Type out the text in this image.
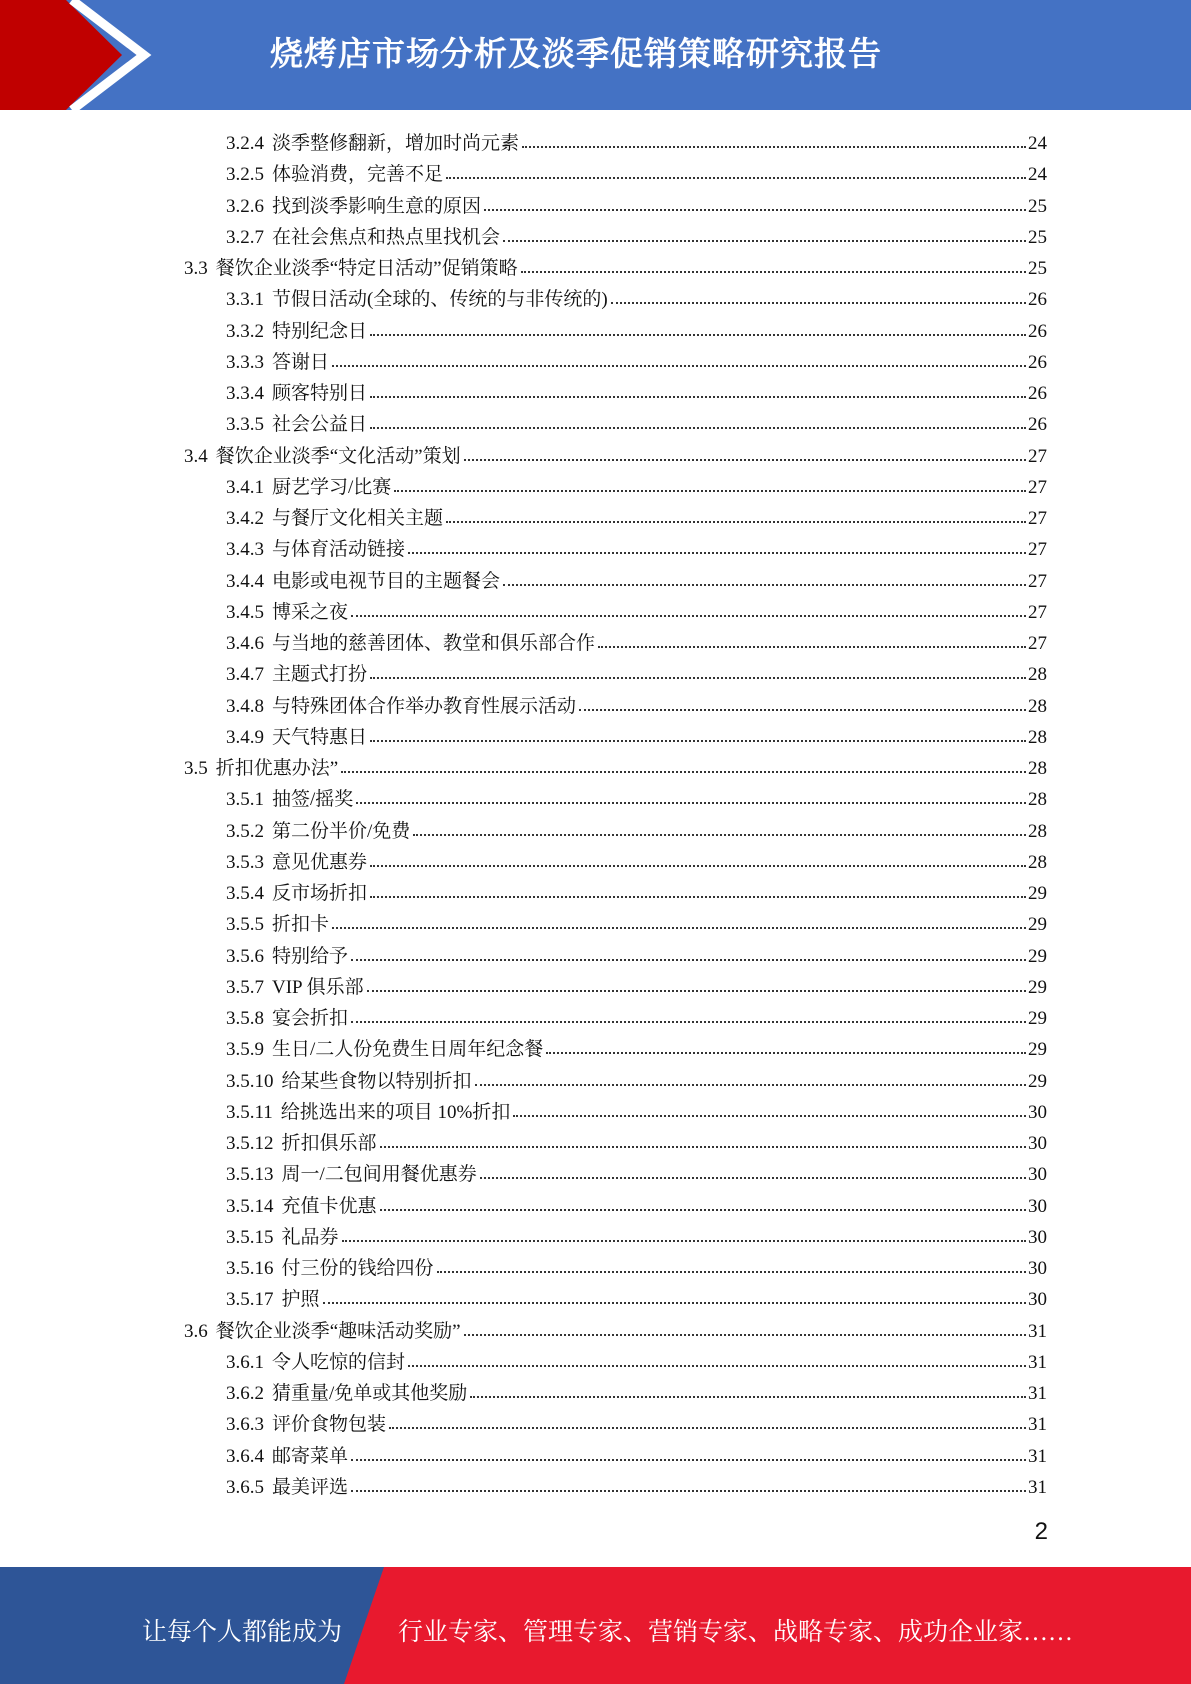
烧烤店市场分析及淡季促销策略研究报告
3.2.4 淡季整修翻新，增加时尚元素	24
3.2.5 体验消费，完善不足	24
3.2.6 找到淡季影响生意的原因	25
3.2.7 在社会焦点和热点里找机会	25
3.3 餐饮企业淡季“特定日活动”促销策略	25
3.3.1 节假日活动(全球的、传统的与非传统的)	26
3.3.2 特别纪念日	26
3.3.3 答谢日	26
3.3.4 顾客特别日	26
3.3.5 社会公益日	26
3.4 餐饮企业淡季“文化活动”策划	27
3.4.1 厨艺学习/比赛	27
3.4.2 与餐厅文化相关主题	27
3.4.3 与体育活动链接	27
3.4.4 电影或电视节目的主题餐会	27
3.4.5 博采之夜	27
3.4.6 与当地的慈善团体、教堂和俱乐部合作	27
3.4.7 主题式打扮	28
3.4.8 与特殊团体合作举办教育性展示活动	28
3.4.9 天气特惠日	28
3.5 折扣优惠办法”	28
3.5.1 抽签/摇奖	28
3.5.2 第二份半价/免费	28
3.5.3 意见优惠券	28
3.5.4 反市场折扣	29
3.5.5 折扣卡	29
3.5.6 特别给予	29
3.5.7 VIP 俱乐部	29
3.5.8 宴会折扣	29
3.5.9 生日/二人份免费生日周年纪念餐	29
3.5.10 给某些食物以特别折扣	29
3.5.11 给挑选出来的项目 10%折扣	30
3.5.12 折扣俱乐部	30
3.5.13 周一/二包间用餐优惠券	30
3.5.14 充值卡优惠	30
3.5.15 礼品券	30
3.5.16 付三份的钱给四份	30
3.5.17 护照	30
3.6 餐饮企业淡季“趣味活动奖励”	31
3.6.1 令人吃惊的信封	31
3.6.2 猜重量/免单或其他奖励	31
3.6.3 评价食物包装	31
3.6.4 邮寄菜单	31
3.6.5 最美评选	31
2
让每个人都能成为 行业专家、管理专家、营销专家、战略专家、成功企业家……
